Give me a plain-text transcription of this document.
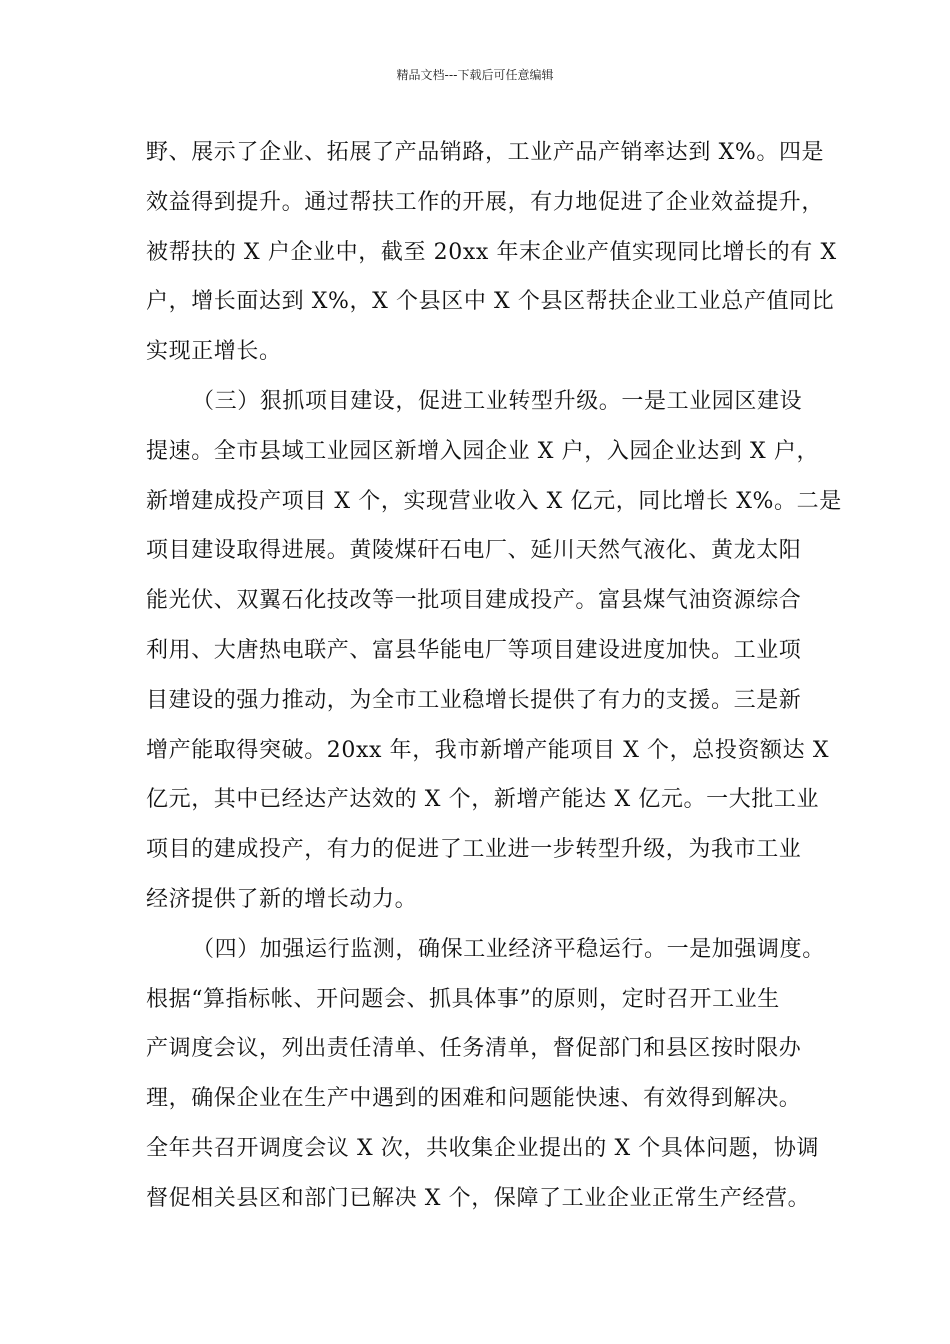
精品文档---下载后可任意编辑
野、展示了企业、拓展了产品销路，工业产品产销率达到 X%。四是
效益得到提升。通过帮扶工作的开展，有力地促进了企业效益提升，
被帮扶的 X 户企业中，截至 20xx 年末企业产值实现同比增长的有 X
户，增长面达到 X%，X 个县区中 X 个县区帮扶企业工业总产值同比
实现正增长。
（三）狠抓项目建设，促进工业转型升级。一是工业园区建设
提速。全市县域工业园区新增入园企业 X 户，入园企业达到 X 户，
新增建成投产项目 X 个，实现营业收入 X 亿元，同比增长 X%。二是
项目建设取得进展。黄陵煤矸石电厂、延川天然气液化、黄龙太阳
能光伏、双翼石化技改等一批项目建成投产。富县煤气油资源综合
利用、大唐热电联产、富县华能电厂等项目建设进度加快。工业项
目建设的强力推动，为全市工业稳增长提供了有力的支援。三是新
增产能取得突破。20xx 年，我市新增产能项目 X 个，总投资额达 X
亿元，其中已经达产达效的 X 个，新增产能达 X 亿元。一大批工业
项目的建成投产，有力的促进了工业进一步转型升级，为我市工业
经济提供了新的增长动力。
（四）加强运行监测，确保工业经济平稳运行。一是加强调度。
根据“算指标帐、开问题会、抓具体事”的原则，定时召开工业生
产调度会议，列出责任清单、任务清单，督促部门和县区按时限办
理，确保企业在生产中遇到的困难和问题能快速、有效得到解决。
全年共召开调度会议 X 次，共收集企业提出的 X 个具体问题，协调
督促相关县区和部门已解决 X 个，保障了工业企业正常生产经营。
